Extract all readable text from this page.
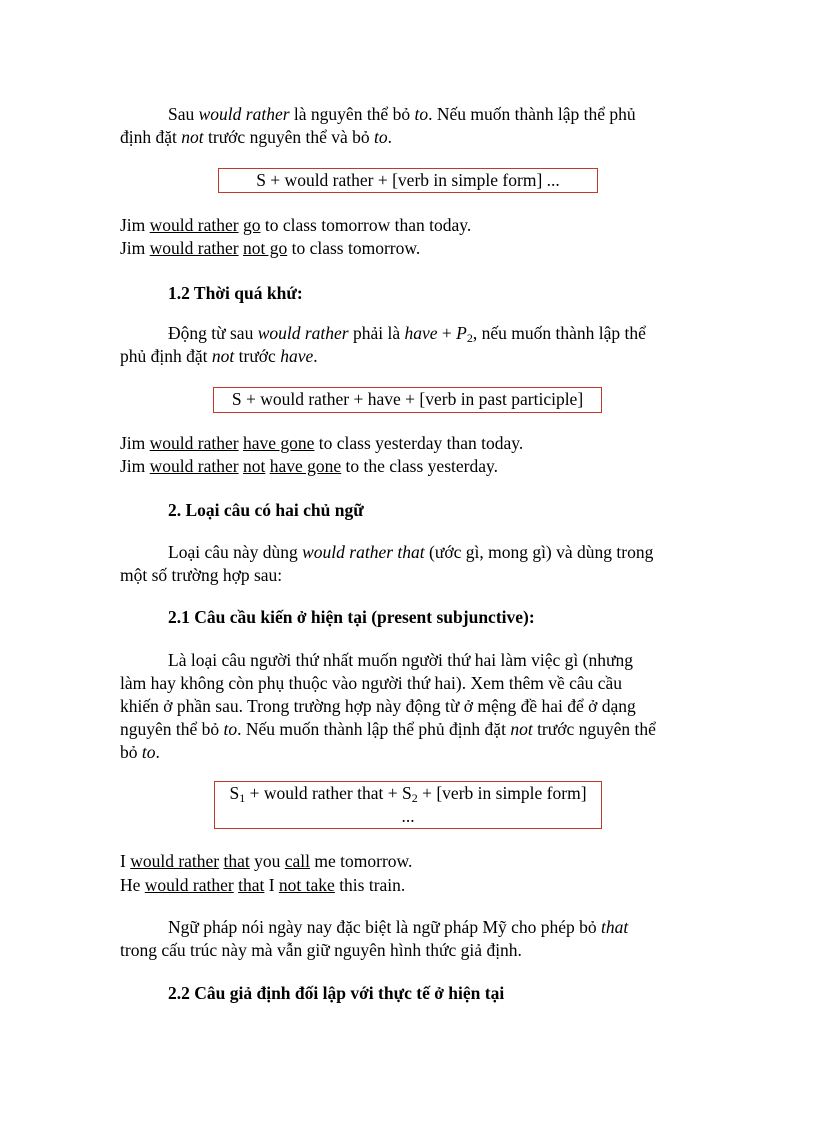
Sau would rather là nguyên thể bỏ to. Nếu muốn thành lập thể phủ

định đặt not trước nguyên thể và bỏ to.

S + would rather + [verb in simple form] ...

Jim would rather go to class tomorrow than today.

Jim would rather not go to class tomorrow.

1.2 Thời quá khứ:

Động từ sau would rather phải là have + $P_2$, nếu muốn thành lập thể

phủ định đặt not trước have.

S + would rather + have + [verb in past participle]

Jim would rather have gone to class yesterday than today.

Jim would rather not have gone to the class yesterday.

2. Loại câu có hai chủ ngữ

Loại câu này dùng would rather that (ước gì, mong gì) và dùng trong

một số trường hợp sau:

2.1 Câu cầu kiến ở hiện tại (present subjunctive):

Là loại câu người thứ nhất muốn người thứ hai làm việc gì (nhưng

làm hay không còn phụ thuộc vào người thứ hai). Xem thêm về câu cầu

khiến ở phần sau. Trong trường hợp này động từ ở mệng đề hai để ở dạng

nguyên thể bỏ to. Nếu muốn thành lập thể phủ định đặt not trước nguyên thể

bỏ to.

$S_1$ + would rather that + $S_2$ + [verb in simple form]
...

I would rather that you call me tomorrow.

He would rather that I not take this train.

Ngữ pháp nói ngày nay đặc biệt là ngữ pháp Mỹ cho phép bỏ that

trong cấu trúc này mà vẫn giữ nguyên hình thức giả định.

2.2 Câu giả định đối lập với thực tế ở hiện tại
